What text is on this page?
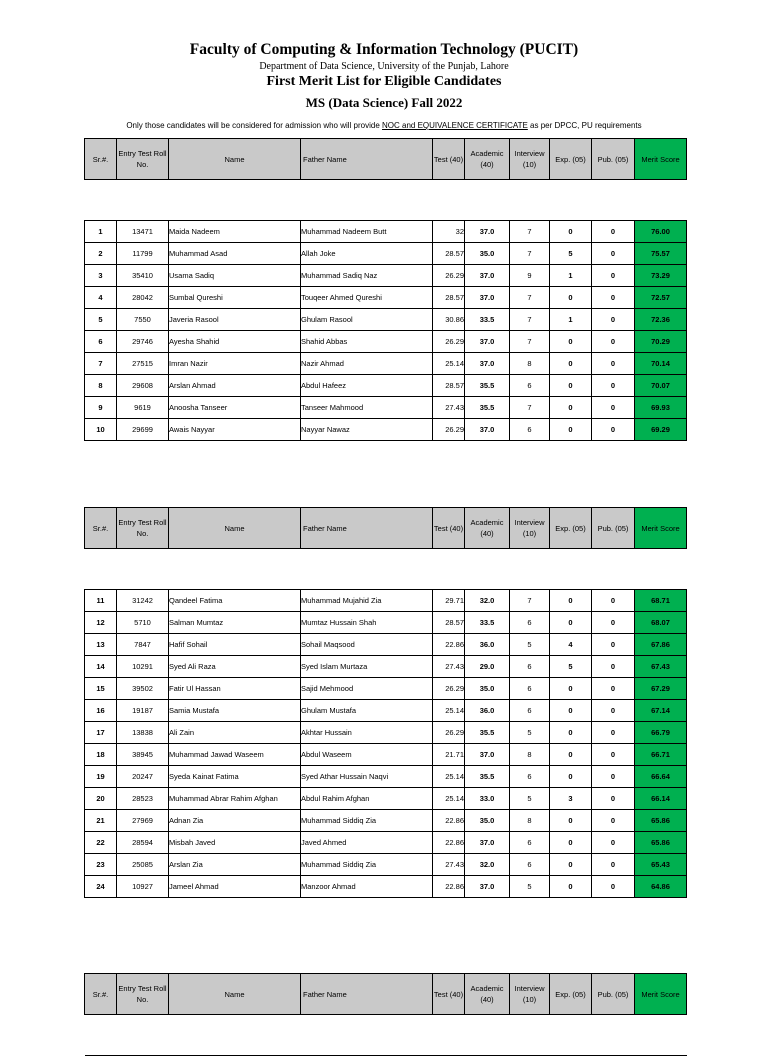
Faculty of Computing & Information Technology (PUCIT)
Department of Data Science, University of the Punjab, Lahore
First Merit List for Eligible Candidates
MS (Data Science) Fall 2022
Only those candidates will be considered for admission who will provide NOC and EQUIVALENCE CERTIFICATE as per DPCC, PU requirements
Sr.#.	Entry Test Roll No.	Name	Father Name	Test (40)	Academic (40)	Interview (10)	Exp. (05)	Pub. (05)	Merit Score

1	13471	Maida Nadeem	Muhammad Nadeem Butt	32	37.0	7	0	0	76.00
2	11799	Muhammad Asad	Allah Joke	28.57	35.0	7	5	0	75.57
3	35410	Usama Sadiq	Muhammad Sadiq Naz	26.29	37.0	9	1	0	73.29
4	28042	Sumbal Qureshi	Touqeer Ahmed Qureshi	28.57	37.0	7	0	0	72.57
5	7550	Javeria Rasool	Ghulam Rasool	30.86	33.5	7	1	0	72.36
6	29746	Ayesha Shahid	Shahid Abbas	26.29	37.0	7	0	0	70.29
7	27515	Imran Nazir	Nazir Ahmad	25.14	37.0	8	0	0	70.14
8	29608	Arslan Ahmad	Abdul Hafeez	28.57	35.5	6	0	0	70.07
9	9619	Anoosha Tanseer	Tanseer Mahmood	27.43	35.5	7	0	0	69.93
10	29699	Awais Nayyar	Nayyar Nawaz	26.29	37.0	6	0	0	69.29
Sr.#.	Entry Test Roll No.	Name	Father Name	Test (40)	Academic (40)	Interview (10)	Exp. (05)	Pub. (05)	Merit Score

11	31242	Qandeel Fatima	Muhammad Mujahid Zia	29.71	32.0	7	0	0	68.71
12	5710	Salman Mumtaz	Mumtaz Hussain Shah	28.57	33.5	6	0	0	68.07
13	7847	Hafif Sohail	Sohail Maqsood	22.86	36.0	5	4	0	67.86
14	10291	Syed Ali Raza	Syed Islam Murtaza	27.43	29.0	6	5	0	67.43
15	39502	Fatir Ul Hassan	Sajid Mehmood	26.29	35.0	6	0	0	67.29
16	19187	Samia Mustafa	Ghulam Mustafa	25.14	36.0	6	0	0	67.14
17	13838	Ali Zain	Akhtar Hussain	26.29	35.5	5	0	0	66.79
18	38945	Muhammad Jawad Waseem	Abdul Waseem	21.71	37.0	8	0	0	66.71
19	20247	Syeda Kainat Fatima	Syed Athar Hussain Naqvi	25.14	35.5	6	0	0	66.64
20	28523	Muhammad Abrar Rahim Afghan	Abdul Rahim Afghan	25.14	33.0	5	3	0	66.14
21	27969	Adnan Zia	Muhammad Siddiq Zia	22.86	35.0	8	0	0	65.86
22	28594	Misbah Javed	Javed Ahmed	22.86	37.0	6	0	0	65.86
23	25085	Arslan Zia	Muhammad Siddiq Zia	27.43	32.0	6	0	0	65.43
24	10927	Jameel Ahmad	Manzoor Ahmad	22.86	37.0	5	0	0	64.86
Sr.#.	Entry Test Roll No.	Name	Father Name	Test (40)	Academic (40)	Interview (10)	Exp. (05)	Pub. (05)	Merit Score
